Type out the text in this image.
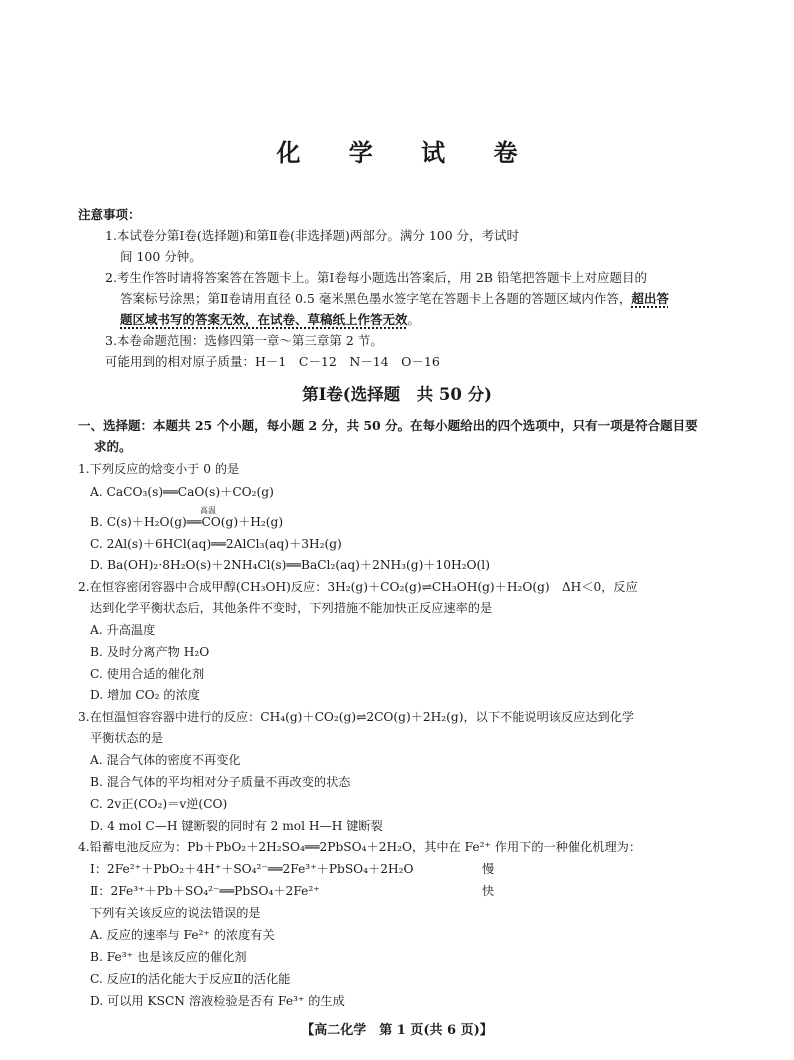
化 学 试 卷
注意事项：
1.本试卷分第Ⅰ卷(选择题)和第Ⅱ卷(非选择题)两部分。满分 100 分，考试时
间 100 分钟。
2.考生作答时请将答案答在答题卡上。第Ⅰ卷每小题选出答案后，用 2B 铅笔把答题卡上对应题目的
答案标号涂黑；第Ⅱ卷请用直径 0.5 毫米黑色墨水签字笔在答题卡上各题的答题区域内作答，超出答
题区域书写的答案无效，在试卷、草稿纸上作答无效。
3.本卷命题范围：选修四第一章～第三章第 2 节。
可能用到的相对原子质量：H－1　C－12　N－14　O－16
第Ⅰ卷(选择题　共 50 分)
一、选择题：本题共 25 个小题，每小题 2 分，共 50 分。在每小题给出的四个选项中，只有一项是符合题目要
求的。
1.下列反应的焓变小于 0 的是
A. CaCO₃(s)══CaO(s)＋CO₂(g)
高温
B. C(s)＋H₂O(g)══CO(g)＋H₂(g)
C. 2Al(s)＋6HCl(aq)══2AlCl₃(aq)＋3H₂(g)
D. Ba(OH)₂·8H₂O(s)＋2NH₄Cl(s)══BaCl₂(aq)＋2NH₃(g)＋10H₂O(l)
2.在恒容密闭容器中合成甲醇(CH₃OH)反应：3H₂(g)＋CO₂(g)⇌CH₃OH(g)＋H₂O(g)　ΔH＜0，反应
达到化学平衡状态后，其他条件不变时，下列措施不能加快正反应速率的是
A. 升高温度
B. 及时分离产物 H₂O
C. 使用合适的催化剂
D. 增加 CO₂ 的浓度
3.在恒温恒容容器中进行的反应：CH₄(g)＋CO₂(g)⇌2CO(g)＋2H₂(g)，以下不能说明该反应达到化学
平衡状态的是
A. 混合气体的密度不再变化
B. 混合气体的平均相对分子质量不再改变的状态
C. 2v正(CO₂)＝v逆(CO)
D. 4 mol C—H 键断裂的同时有 2 mol H—H 键断裂
4.铅蓄电池反应为：Pb＋PbO₂＋2H₂SO₄══2PbSO₄＋2H₂O，其中在 Fe²⁺ 作用下的一种催化机理为：
Ⅰ：2Fe²⁺＋PbO₂＋4H⁺＋SO₄²⁻══2Fe³⁺＋PbSO₄＋2H₂O	慢
Ⅱ：2Fe³⁺＋Pb＋SO₄²⁻══PbSO₄＋2Fe²⁺	快
下列有关该反应的说法错误的是
A. 反应的速率与 Fe²⁺ 的浓度有关
B. Fe³⁺ 也是该反应的催化剂
C. 反应Ⅰ的活化能大于反应Ⅱ的活化能
D. 可以用 KSCN 溶液检验是否有 Fe³⁺ 的生成
【高二化学　第 1 页(共 6 页)】
